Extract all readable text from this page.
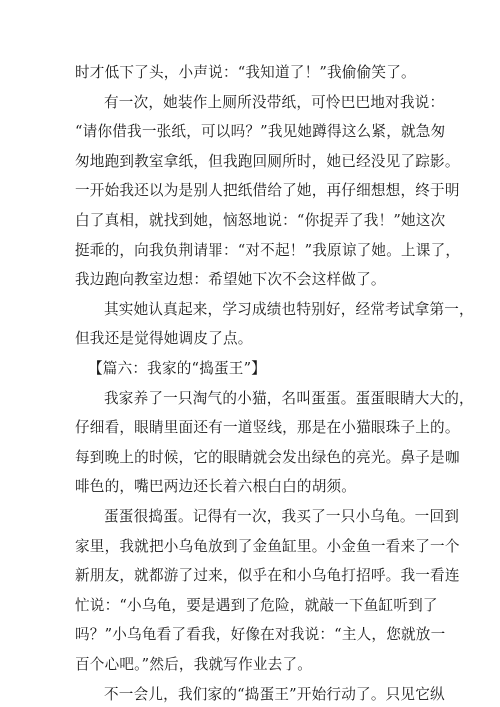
时才低下了头，小声说：“我知道了！”我偷偷笑了。
有一次，她装作上厕所没带纸，可怜巴巴地对我说：
“请你借我一张纸，可以吗？”我见她蹲得这么紧，就急匆
匆地跑到教室拿纸，但我跑回厕所时，她已经没见了踪影。
一开始我还以为是别人把纸借给了她，再仔细想想，终于明
白了真相，就找到她，恼怒地说：“你捉弄了我！”她这次
挺乖的，向我负荆请罪：“对不起！”我原谅了她。上课了，
我边跑向教室边想：希望她下次不会这样做了。
其实她认真起来，学习成绩也特别好，经常考试拿第一，
但我还是觉得她调皮了点。
【篇六：我家的“捣蛋王”】
我家养了一只淘气的小猫，名叫蛋蛋。蛋蛋眼睛大大的，
仔细看，眼睛里面还有一道竖线，那是在小猫眼珠子上的。
每到晚上的时候，它的眼睛就会发出绿色的亮光。鼻子是咖
啡色的，嘴巴两边还长着六根白白的胡须。
蛋蛋很捣蛋。记得有一次，我买了一只小乌龟。一回到
家里，我就把小乌龟放到了金鱼缸里。小金鱼一看来了一个
新朋友，就都游了过来，似乎在和小乌龟打招呼。我一看连
忙说：“小乌龟，要是遇到了危险，就敲一下鱼缸听到了
吗？”小乌龟看了看我，好像在对我说：“主人，您就放一
百个心吧。”然后，我就写作业去了。
不一会儿，我们家的“捣蛋王”开始行动了。只见它纵
